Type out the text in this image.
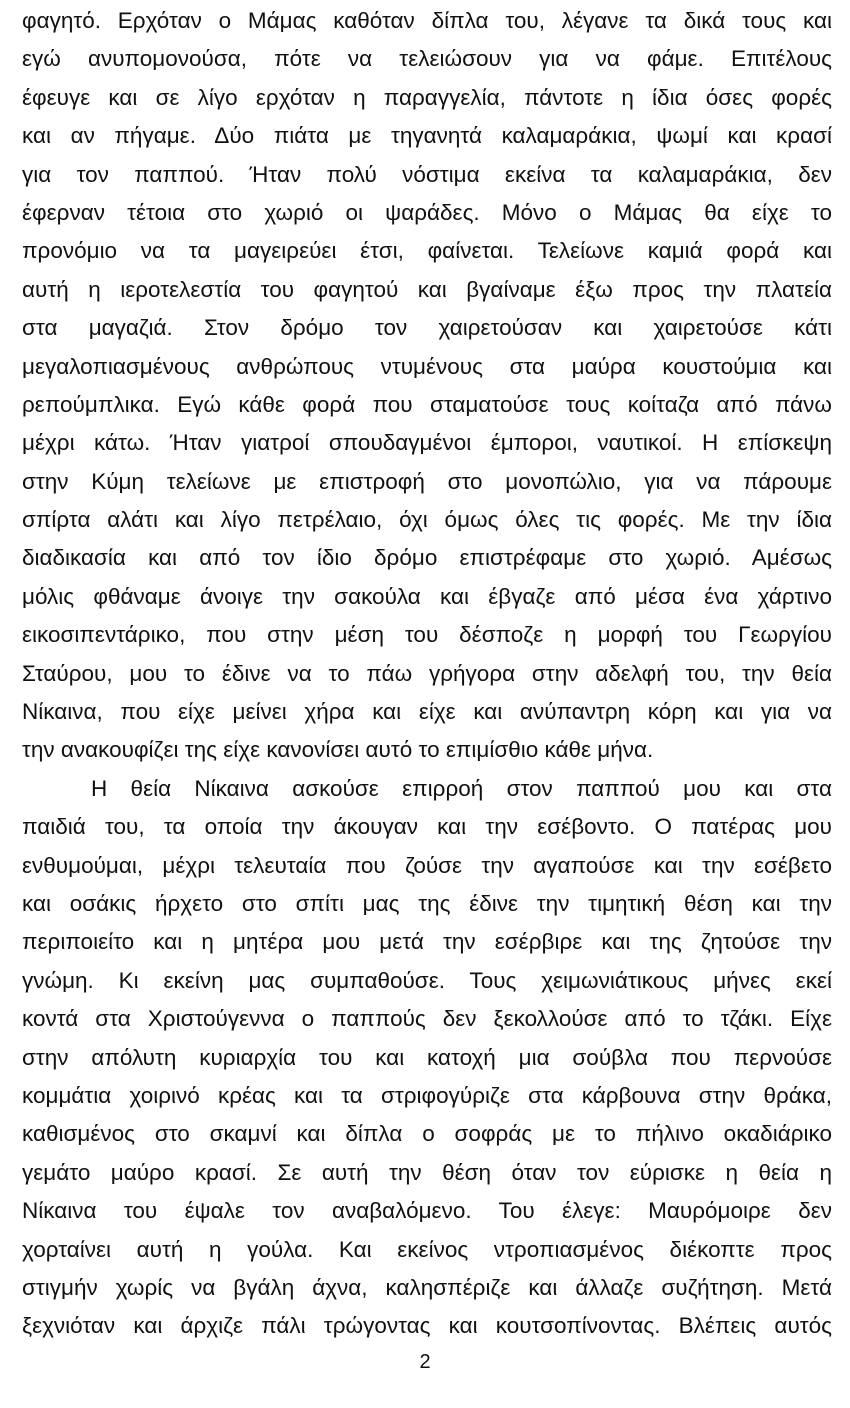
φαγητό. Ερχόταν ο Μάμας καθόταν δίπλα του, λέγανε τα δικά τους και
εγώ ανυπομονούσα, πότε να τελειώσουν για να φάμε. Επιτέλους
έφευγε και σε λίγο ερχόταν η παραγγελία, πάντοτε η ίδια όσες φορές
και αν πήγαμε. Δύο πιάτα με τηγανητά καλαμαράκια, ψωμί και κρασί
για τον παππού. Ήταν πολύ νόστιμα εκείνα τα καλαμαράκια, δεν
έφερναν τέτοια στο χωριό οι ψαράδες. Μόνο ο Μάμας θα είχε το
προνόμιο να τα μαγειρεύει έτσι, φαίνεται. Τελείωνε καμιά φορά και
αυτή η ιεροτελεστία του φαγητού και βγαίναμε έξω προς την πλατεία
στα μαγαζιά. Στον δρόμο τον χαιρετούσαν και χαιρετούσε κάτι
μεγαλοπιασμένους ανθρώπους ντυμένους στα μαύρα κουστούμια και
ρεπούμπλικα. Εγώ κάθε φορά που σταματούσε τους κοίταζα από πάνω
μέχρι κάτω. Ήταν γιατροί σπουδαγμένοι έμποροι, ναυτικοί. Η επίσκεψη
στην Κύμη τελείωνε με επιστροφή στο μονοπώλιο, για να πάρουμε
σπίρτα αλάτι και λίγο πετρέλαιο, όχι όμως όλες τις φορές. Με την ίδια
διαδικασία και από τον ίδιο δρόμο επιστρέφαμε στο χωριό. Αμέσως
μόλις φθάναμε άνοιγε την σακούλα και έβγαζε από μέσα ένα χάρτινο
εικοσιπεντάρικο, που στην μέση του δέσποζε η μορφή του Γεωργίου
Σταύρου, μου το έδινε να το πάω γρήγορα στην αδελφή του, την θεία
Νίκαινα, που είχε μείνει χήρα και είχε και ανύπαντρη κόρη και για να
την ανακουφίζει της είχε κανονίσει αυτό το επιμίσθιο κάθε μήνα.
Η θεία Νίκαινα ασκούσε επιρροή στον παππού μου και στα
παιδιά του, τα οποία την άκουγαν και την εσέβοντο. Ο πατέρας μου
ενθυμούμαι, μέχρι τελευταία που ζούσε την αγαπούσε και την εσέβετο
και οσάκις ήρχετο στο σπίτι μας της έδινε την τιμητική θέση και την
περιποιείτο και η μητέρα μου μετά την εσέρβιρε και της ζητούσε την
γνώμη. Κι εκείνη μας συμπαθούσε. Τους χειμωνιάτικους μήνες εκεί
κοντά στα Χριστούγεννα ο παππούς δεν ξεκολλούσε από το τζάκι. Είχε
στην απόλυτη κυριαρχία του και κατοχή μια σούβλα που περνούσε
κομμάτια χοιρινό κρέας και τα στριφογύριζε στα κάρβουνα στην θράκα,
καθισμένος στο σκαμνί και δίπλα ο σοφράς με το πήλινο οκαδιάρικο
γεμάτο μαύρο κρασί. Σε αυτή την θέση όταν τον εύρισκε η θεία η
Νίκαινα του έψαλε τον αναβαλόμενο. Του έλεγε: Μαυρόμοιρε δεν
χορταίνει αυτή η γούλα. Και εκείνος ντροπιασμένος διέκοπτε προς
στιγμήν χωρίς να βγάλη άχνα, καλησπέριζε και άλλαζε συζήτηση. Μετά
ξεχνιόταν και άρχιζε πάλι τρώγοντας και κουτσοπίνοντας. Βλέπεις αυτός
2
